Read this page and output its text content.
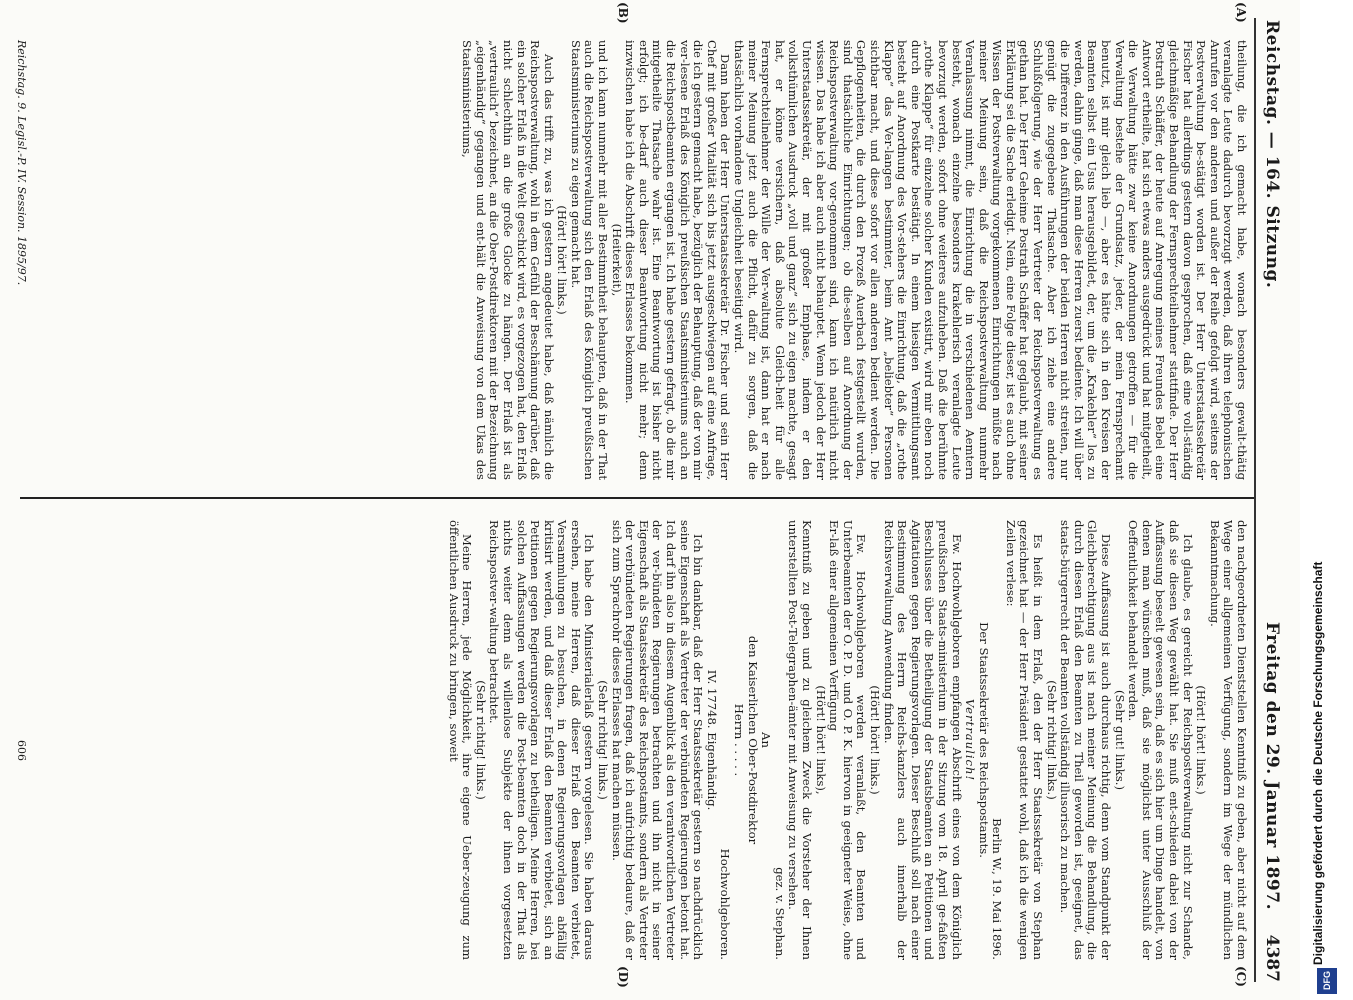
Reichstag. — 164. Sitzung.
Freitag den 29. Januar 1897.
4387
(A)
(B)
(C)
(D)

theilung, die ich gemacht habe, wonach besonders gewalt-thätig veranlagte Leute dadurch bevorzugt werden, daß ihren telephonischen Anrufen vor den anderen und außer der Reihe gefolgt wird, seitens der Postverwaltung be-stätigt worden ist. Der Herr Unterstaatssekretär Fischer hat allerdings gestern davon gesprochen, daß eine voll-ständig gleichmäßige Behandlung der Fernsprechteilnehmer stattfinde. Der Herr Postrath Schäffer, der heute auf Anregung meines Freundes Bebel eine Antwort ertheilte, hat sich etwas anders ausgedrückt und hat mitgetheilt, die Verwaltung hätte zwar keine Anordnungen getroffen — für die Verwaltung bestehe der Grundsatz, jeder, der mein Fernsprechamt benutzt, ist mir gleich lieb —, aber es hätte sich in den Kreisen der Beamten selbst ein Usus herausgebildet, der, um die „Krakehler“ los zu werden, dahin ginge, daß man diese Herren zuerst bediente. Ich will über die Differenz in den Ausführungen der beiden Herren nicht streiten, nur genügt die zugegebene Thatsache. Aber ich ziehe eine andere Schlußfolgerung, wie der Herr Vertreter der Reichspostverwaltung es gethan hat. Der Herr Geheime Postrath Schäffer hat geglaubt, mit seiner Erklärung sei die Sache erledigt. Nein, eine Folge dieser, ist es auch ohne Wissen der Postverwaltung vorgekommenen Einrichtungen müßte nach meiner Meinung sein, daß die Reichspostverwaltung nunmehr Veranlassung nimmt, die Einrichtung die in verschiedenen Aemtern besteht, wonach einzelne besonders krakehlerisch veranlagte Leute bevorzugt werden, sofort ohne weiteres aufzuheben. Daß die berühmte „rothe Klappe“ für einzelne solcher Kunden existirt, wird mir eben noch durch eine Postkarte bestätigt. In einem hiesigen Vermittlungsamt besteht auf Anordnung des Vor-stehers die Einrichtung, daß die „rothe Klappe“ das Ver-langen bestimmter, beim Amt „beliebter“ Personen sichtbar macht, und diese sofort vor allen anderen bedient werden. Die Gepflogenheiten, die durch den Prozeß Auerbach festgestellt wurden, sind thatsächliche Einrichtungen; ob die-selben auf Anordnung der Reichspostverwaltung vor-genommen sind, kann ich natürlich nicht wissen. Das habe ich aber auch nicht behauptet. Wenn jedoch der Herr Unterstaatssekretär, der mit großer Emphase, indem er den volksthümlichen Ausdruck „voll und ganz“ sich zu eigen machte, gesagt hat, er könne versichern, daß absolute Gleich-heit für alle Fernsprechteilnehmer der Wille der Ver-waltung ist, dann hat er nach meiner Meinung jetzt auch die Pflicht, dafür zu sorgen, daß die thatsächlich vorhandene Ungleichheit beseitigt wird.

Dann haben der Herr Unterstaatssekretär Dr. Fischer und sein Herr Chef mit großer Vitalität sich bis jetzt ausgeschwiegen auf eine Anfrage, die ich gestern gemacht habe, bezüglich der Behauptung, daß der von mir ver-lesene Erlaß des Königlich preußischen Staatsministeriums auch an die Reichspostbeamten ergangen ist. Ich habe gestern gefragt, ob die mir mitgetheilte Thatsache wahr ist. Eine Beantwortung ist bisher nicht erfolgt; ich be-darf auch dieser Beantwortung nicht mehr; denn inzwischen habe ich die Abschrift dieses Erlasses bekommen.

(Heiterkeit),

und ich kann nunmehr mit aller Bestimmtheit behaupten, daß in der That auch die Reichspostverwaltung sich den Erlaß des Königlich preußischen Staatsministeriums zu eigen gemacht hat.

(Hört! hört! links.)

Auch das trifft zu, was ich gestern angedeutet habe, daß nämlich die Reichspostverwaltung, wohl in dem Gefühl der Beschämung darüber, daß ein solcher Erlaß in die Welt geschickt wird, es vorgezogen hat, den Erlaß nicht schlechthin an die große Glocke zu hängen. Der Erlaß ist als „vertraulich“ bezeichnet, an die Ober-Postdirektoren mit der Bezeichnung „eigenhändig“ gegangen und ent-hält die Anweisung von dem Ukas des Staatsministeriums,

Reichstag. 9. Legisl.-P. IV. Session. 1895/97.

den nachgeordneten Dienststellen Kenntniß zu geben, aber nicht auf dem Wege einer allgemeinen Verfügung, sondern im Wege der mündlichen Bekanntmachung.

(Hört! hört! links.)

Ich glaube, es gereicht der Reichspostverwaltung nicht zur Schande, daß sie diesen Weg gewählt hat. Sie muß ent-schieden dabei von der Auffassung beseelt gewesen sein, daß es sich hier um Dinge handelt, von denen man wünschen muß, daß sie möglichst unter Ausschluß der Oeffentlichkeit behandelt werden.

(Sehr gut! links.)

Diese Auffassung ist auch durchaus richtig, denn vom Standpunkt der Gleichberechtigung aus ist nach meiner Meinung die Behandlung, die durch diesen Erlaß den Beamten zu Theil geworden ist, geeignet, das staats-bürgerrecht der Beamten vollständig illusorisch zu machen.

(Sehr richtig! links.)

Es heißt in dem Erlaß, den der Herr Staatssekretär von Stephan gezeichnet hat — der Herr Präsident gestattet wohl, daß ich die wenigen Zeilen verlese:

Berlin W., 19. Mai 1896.

Der Staatssekretär des Reichspostamts.

Vertraulich!

Ew. Hochwohlgeboren empfangen Abschrift eines von dem Königlich preußischen Staats-ministerium in der Sitzung vom 18. April ge-faßten Beschlusses über die Betheiligung der Staatsbeamten an Petitionen und Agitationen gegen Regierungsvorlagen. Dieser Beschluß soll nach einer Bestimmung des Herrn Reichs-kanzlers auch innerhalb der Reichsverwaltung Anwendung finden.

(Hört! hört! links.)

Ew. Hochwohlgeboren werden veranlaßt, den Beamten und Unterbeamten der O. P. D. und O. P. K. hiervon in geeigneter Weise, ohne Er-laß einer allgemeinen Verfügung

(Hört! hört! links),

Kenntniß zu geben und zu gleichem Zweck die Vorsteher der Ihnen unterstellten Post-Telegraphen-ämter mit Anweisung zu versehen.

gez. v. Stephan.

An

den Kaiserlichen Ober-Postdirektor

Herrn . . . . .

Hochwohlgeboren.

IV. 17748. Eigenhändig.

Ich bin dankbar, daß der Herr Staatssekretär gestern so nachdrücklich seine Eigenschaft als Vertreter der verbündeten Regierungen betont hat. Ich darf ihn also in diesem Augenblick als den verantwortlichen Vertreter der ver-bündeten Regierungen betrachten und ihn nicht in seiner Eigenschaft als Staatssekretär des Reichspostamts, sondern als Vertreter der verbündeten Regierungen fragen, daß ich aufrichtig bedaure, daß er sich zum Sprachrohr dieses Erlasses hat machen müssen.

(Sehr richtig! links.)

Ich habe den Ministerialerlaß gestern vorgelesen. Sie haben daraus ersehen, meine Herren, daß dieser Erlaß den Beamten verbietet, Versammlungen zu besuchen, in denen Regierungsvorlagen abfällig kritisirt werden, und daß dieser Erlaß den Beamten verbietet, sich an Petitionen gegen Regierungsvorlagen zu betheiligen. Meine Herren, bei solchen Auffassungen werden die Post-beamten doch in der That als nichts weiter denn als willenlose Subjekte der ihnen vorgesetzten Reichspostver-waltung betrachtet.

(Sehr richtig! links.)

Meine Herren, jede Möglichkeit, ihre eigene Ueber-zeugung zum öffentlichen Ausdruck zu bringen, soweit

606	Digitalisierung gefördert durch die Deutsche Forschungsgemeinschaft
DFG
